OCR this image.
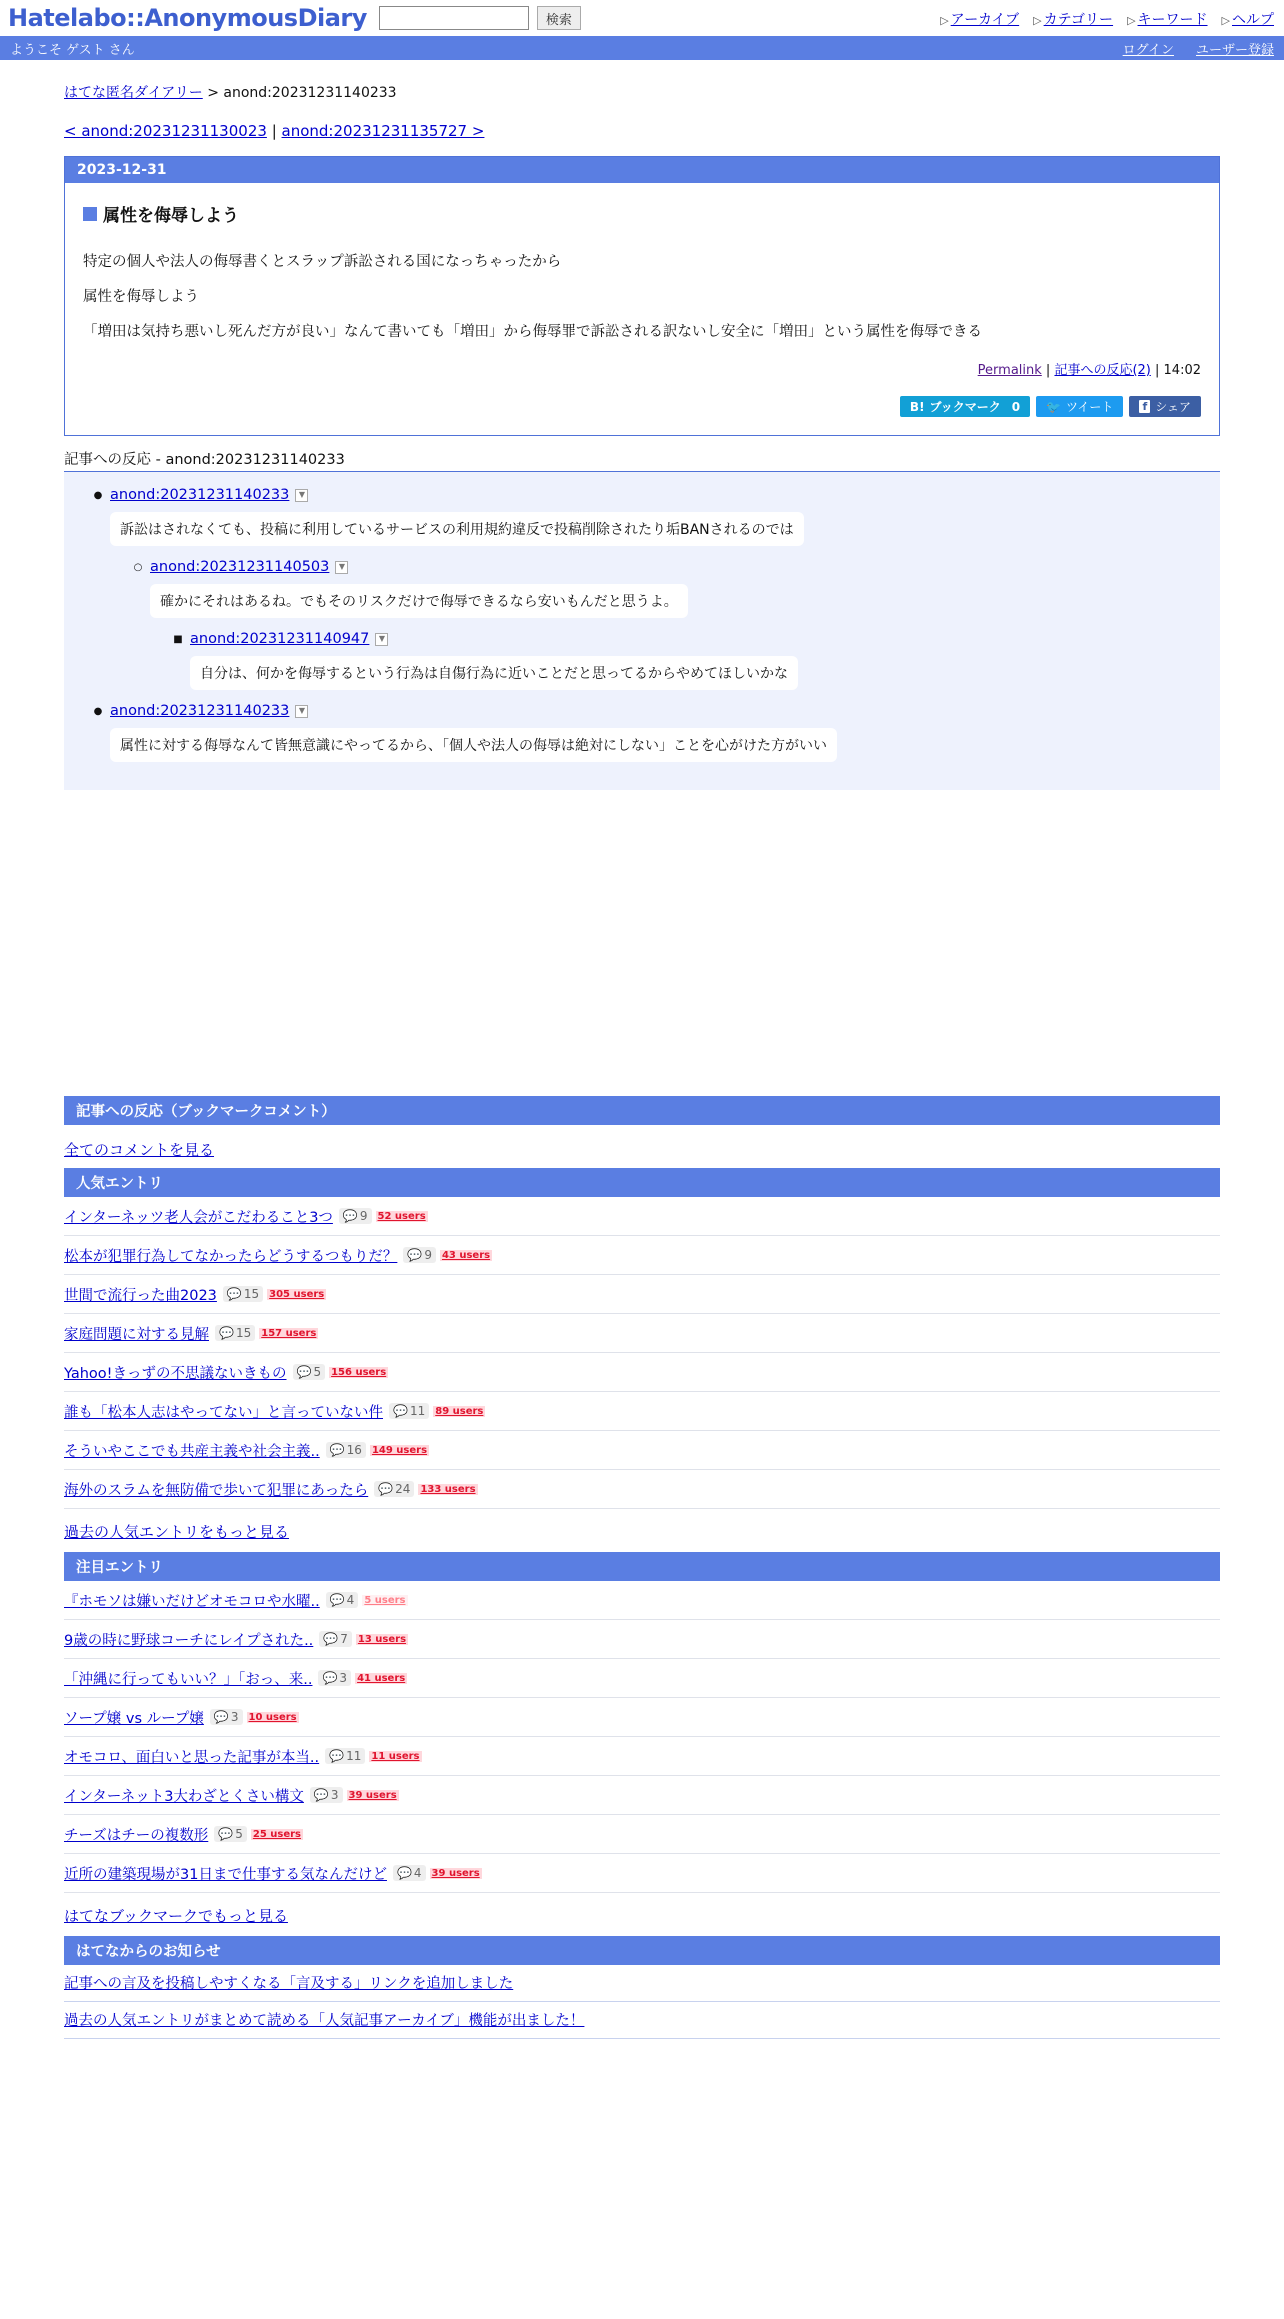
Hatelabo::AnonymousDiary	検索	▷ アーカイブ ▷ カテゴリー ▷ キーワード ▷ ヘルプ
ようこそ ゲスト さん	ログイン ユーザー登録
はてな匿名ダイアリー > anond:20231231140233
< anond:20231231130023 | anond:20231231135727 >
2023-12-31
属性を侮辱しよう

特定の個人や法人の侮辱書くとスラップ訴訟される国になっちゃったから

属性を侮辱しよう

「増田は気持ち悪いし死んだ方が良い」なんて書いても「増田」から侮辱罪で訴訟される訳ないし安全に「増田」という属性を侮辱できる

Permalink | 記事への反応(2) | 14:02
B! ブックマーク 0 🐦 ツイート	f シェア
記事への反応 - anond:20231231140233
● anond:20231231140233	▼
訴訟はされなくても、投稿に利用しているサービスの利用規約違反で投稿削除されたり垢BANされるのでは
○ anond:20231231140503	▼
確かにそれはあるね。でもそのリスクだけで侮辱できるなら安いもんだと思うよ。
■ anond:20231231140947	▼
自分は、何かを侮辱するという行為は自傷行為に近いことだと思ってるからやめてほしいかな
● anond:20231231140233	▼
属性に対する侮辱なんて皆無意識にやってるから、「個人や法人の侮辱は絶対にしない」ことを心がけた方がいい
記事への反応（ブックマークコメント）
全てのコメントを見る
人気エントリ
インターネッツ老人会がこだわること3つ 💬 9 52 users
松本が犯罪行為してなかったらどうするつもりだ？ 💬 9 43 users
世間で流行った曲2023 💬 15 305 users
家庭問題に対する見解 💬 15 157 users
Yahoo!きっずの不思議ないきもの 💬 5 156 users
誰も「松本人志はやってない」と言っていない件 💬 11 89 users
そういやここでも共産主義や社会主義.. 💬 16 149 users
海外のスラムを無防備で歩いて犯罪にあったら 💬 24 133 users
過去の人気エントリをもっと見る
注目エントリ
『ホモソは嫌いだけどオモコロや水曜.. 💬 4 5 users
9歳の時に野球コーチにレイプされた.. 💬 7 13 users
「沖縄に行ってもいい？」「おっ、来.. 💬 3 41 users
ソープ嬢 vs ループ嬢 💬 3 10 users
オモコロ、面白いと思った記事が本当.. 💬 11 11 users
インターネット3大わざとくさい構文 💬 3 39 users
チーズはチーの複数形 💬 5 25 users
近所の建築現場が31日まで仕事する気なんだけど 💬 4 39 users
はてなブックマークでもっと見る
はてなからのお知らせ
記事への言及を投稿しやすくなる「言及する」リンクを追加しました
過去の人気エントリがまとめて読める「人気記事アーカイブ」機能が出ました！
